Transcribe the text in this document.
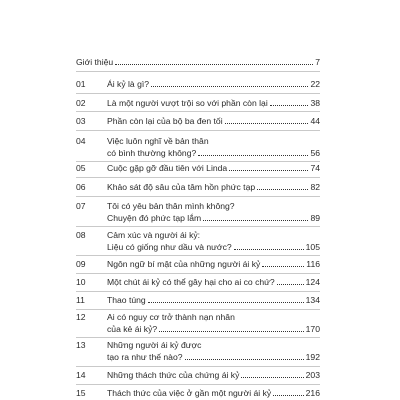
Giới thiệu	7
01 Ái kỷ là gì?	22
02 Là một người vượt trội so với phần còn lại	38
03 Phần còn lại của bộ ba đen tối	44
04 Việc luôn nghĩ về bản thân
có bình thường không?	56
05 Cuộc gặp gỡ đầu tiên với Linda	74
06 Khảo sát độ sâu của tâm hồn phức tạp	82
07 Tôi có yêu bản thân mình không?
Chuyện đó phức tạp lắm	89
08 Cảm xúc và người ái kỷ:
Liệu có giống như dầu và nước?	105
09 Ngôn ngữ bí mật của những người ái kỷ	116
10 Một chút ái kỷ có thể gây hại cho ai co chứ?	124
11	Thao túng	134
12 Ai có nguy cơ trở thành nạn nhân
của kẻ ái kỷ?	170
13 Những người ái kỷ được
tạo ra như thế nào?	192
14 Những thách thức của chứng ái kỷ	203
15 Thách thức của việc ở gần một người ái kỷ	216
